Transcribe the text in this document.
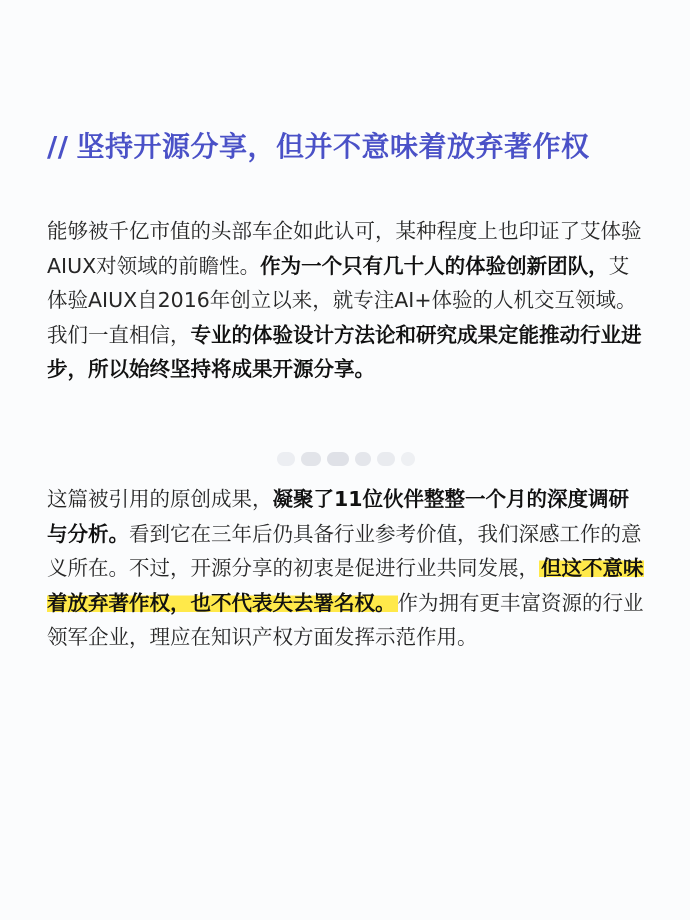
// 坚持开源分享，但并不意味着放弃著作权

能够被千亿市值的头部车企如此认可，某种程度上也印证了艾体验AIUX对领域的前瞻性。作为一个只有几十人的体验创新团队，艾体验AIUX自2016年创立以来，就专注AI+体验的人机交互领域。我们一直相信，专业的体验设计方法论和研究成果定能推动行业进步，所以始终坚持将成果开源分享。

这篇被引用的原创成果，凝聚了11位伙伴整整一个月的深度调研与分析。看到它在三年后仍具备行业参考价值，我们深感工作的意义所在。不过，开源分享的初衷是促进行业共同发展，但这不意味着放弃著作权，也不代表失去署名权。作为拥有更丰富资源的行业领军企业，理应在知识产权方面发挥示范作用。
